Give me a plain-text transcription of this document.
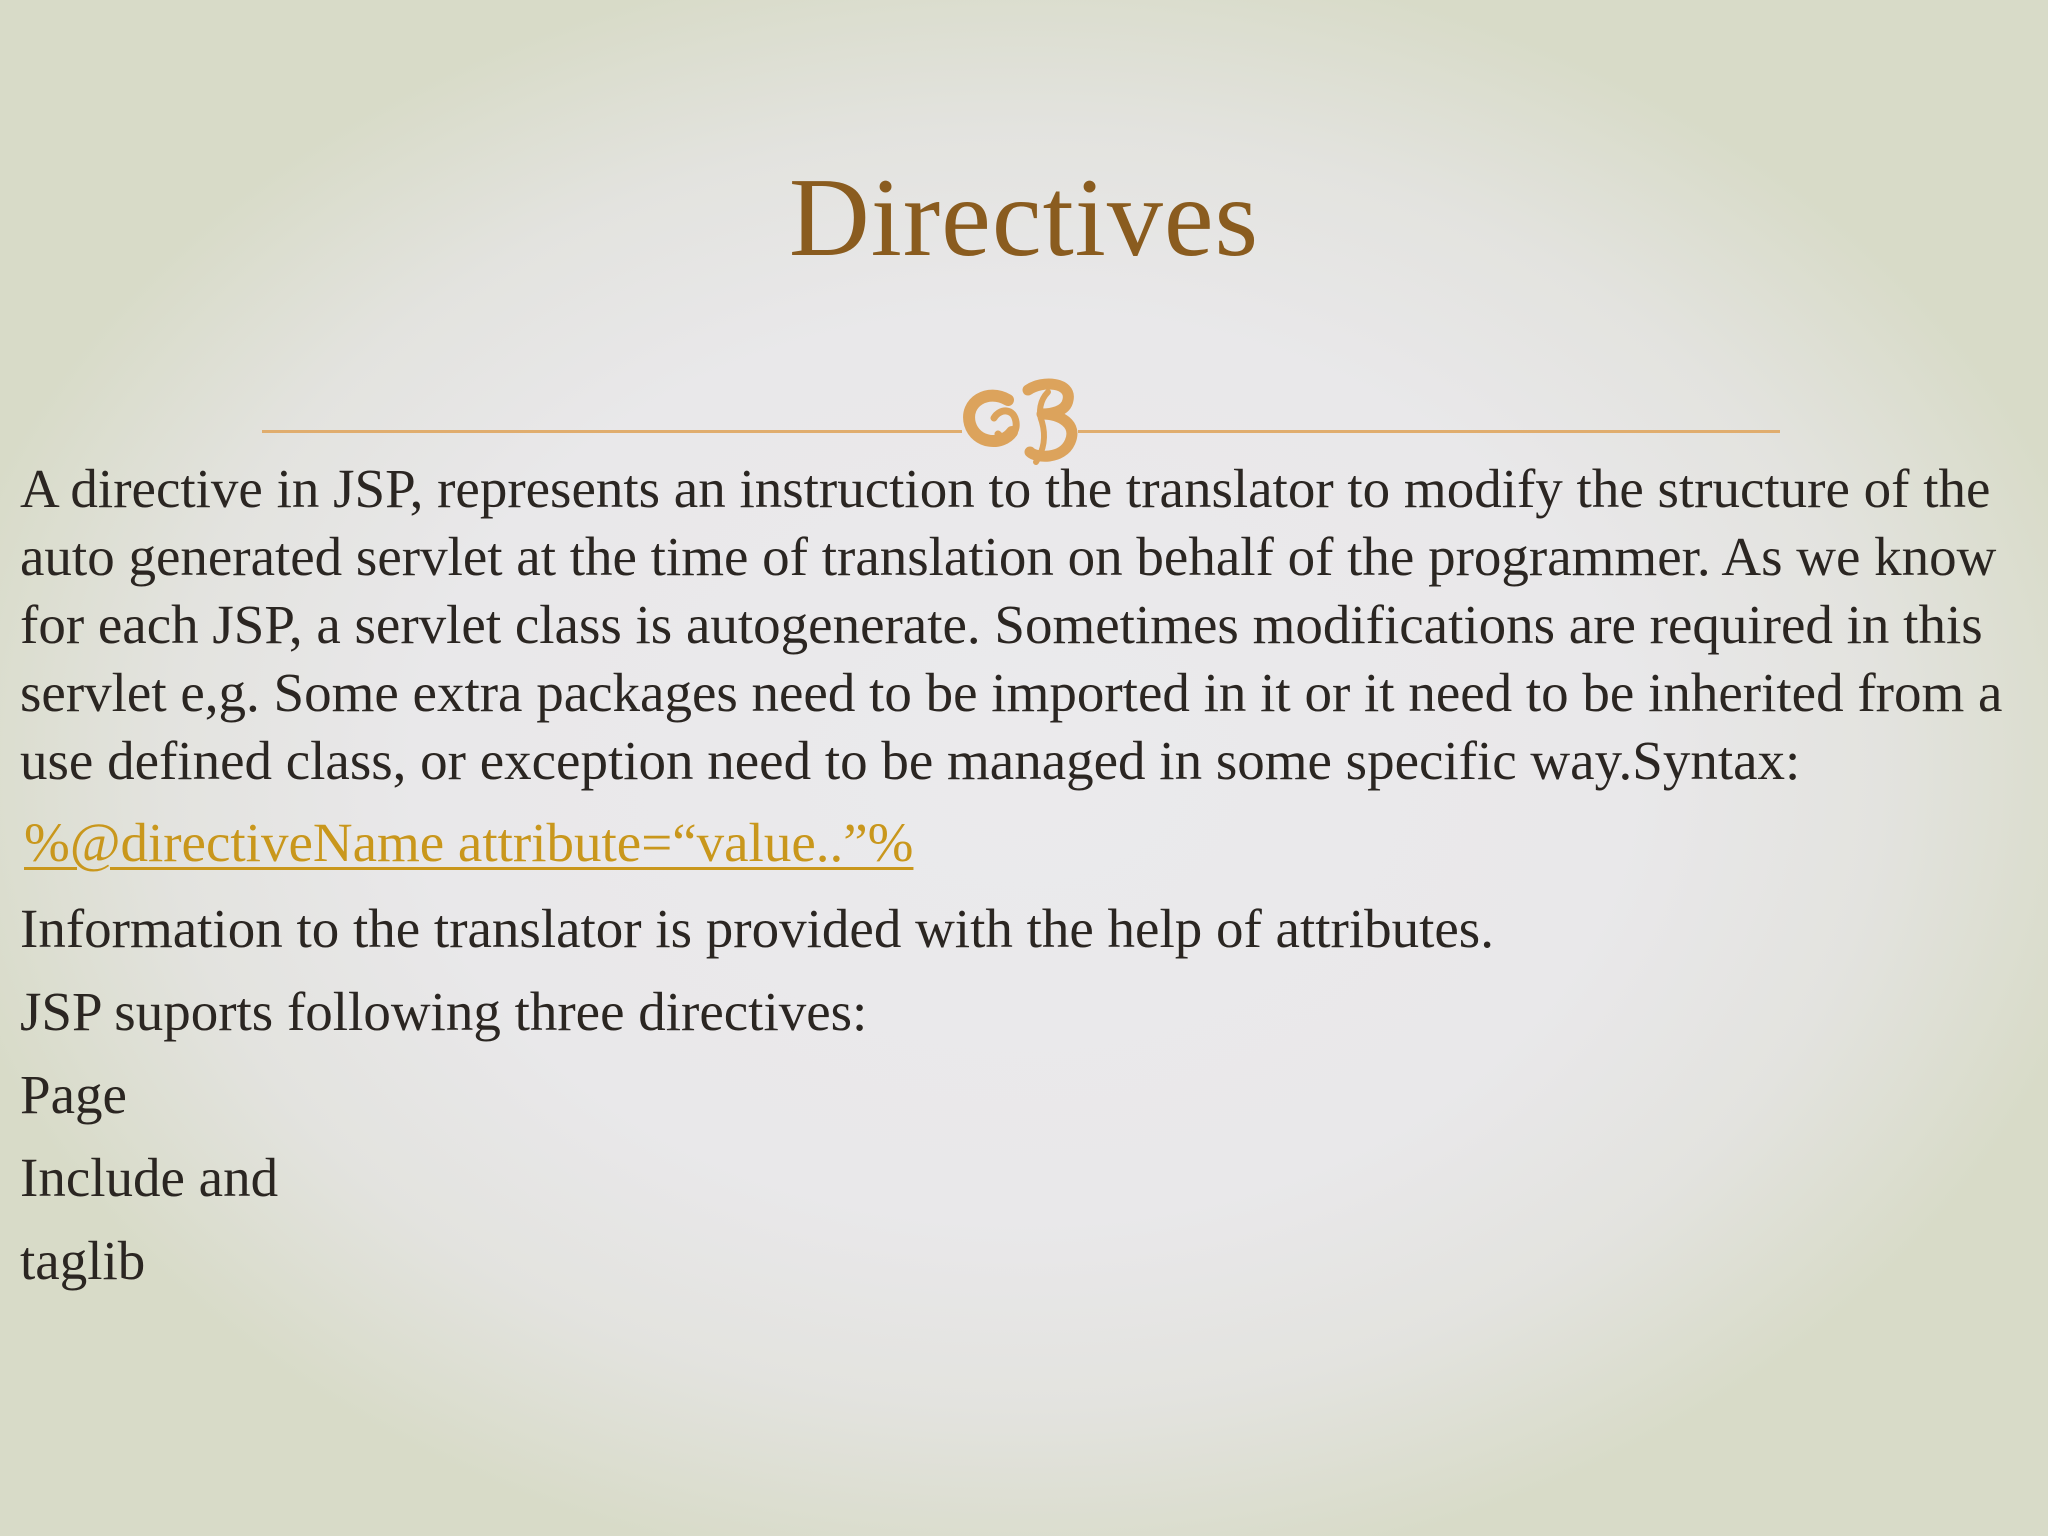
Directives

A directive in JSP, represents an instruction to the translator to modify the structure of the auto generated servlet at the time of translation on behalf of the programmer. As we know for each JSP, a servlet class is autogenerate. Sometimes modifications are required in this servlet e,g. Some extra packages need to be imported in it or it need to be inherited from a use defined class, or exception need to be managed in some specific way.Syntax:

%@directiveName attribute=“value..”%

Information to the translator is provided with the help of attributes.

JSP suports following three directives:

Page

Include and

taglib
